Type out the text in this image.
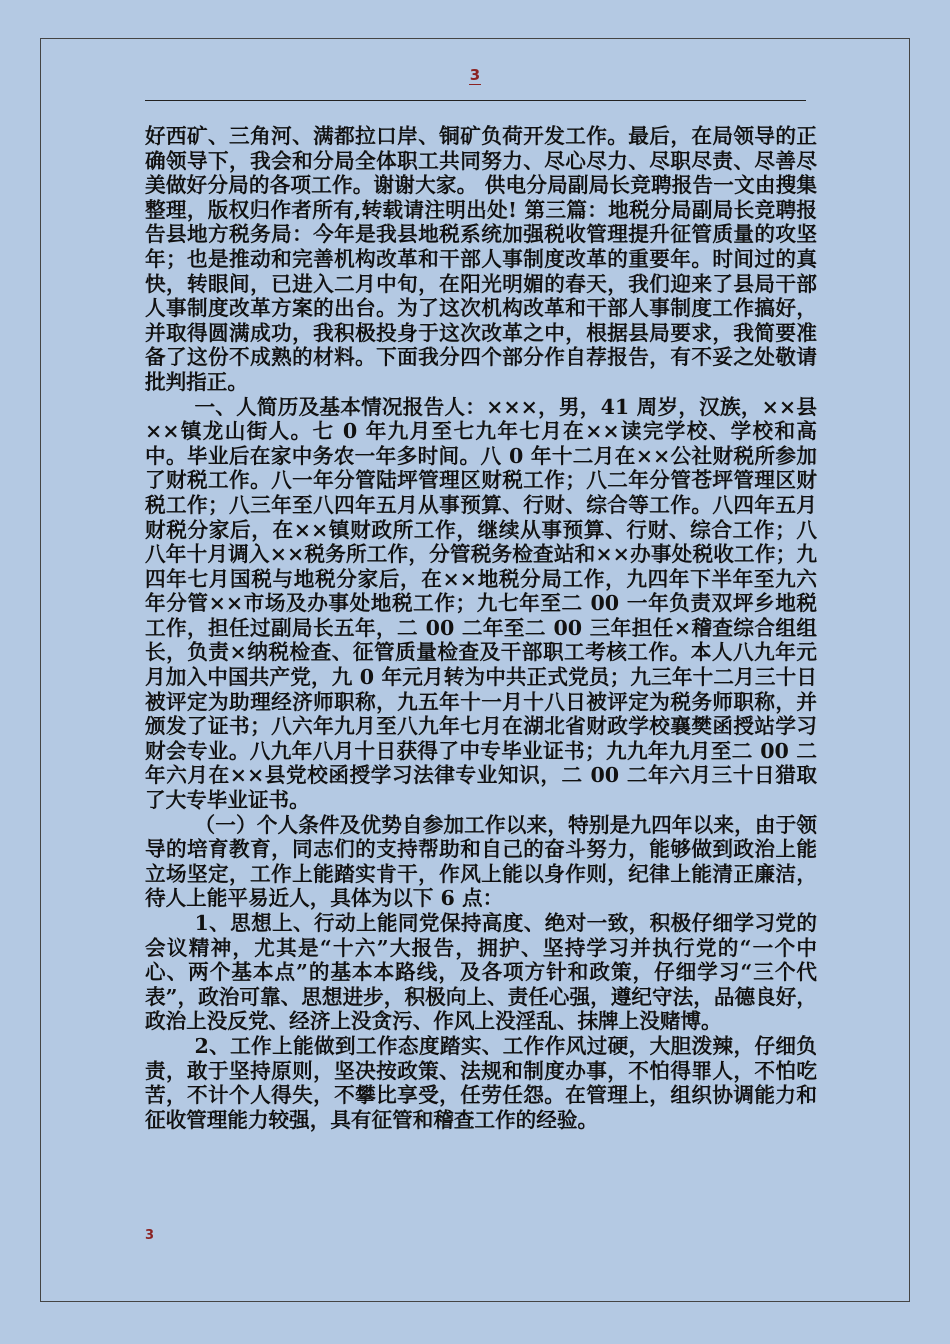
3

好西矿、三角河、满都拉口岸、铜矿负荷开发工作。最后，在局领导的正确领导下，我会和分局全体职工共同努力、尽心尽力、尽职尽责、尽善尽美做好分局的各项工作。谢谢大家。 供电分局副局长竞聘报告一文由搜集整理，版权归作者所有,转载请注明出处! 第三篇：地税分局副局长竞聘报告县地方税务局：今年是我县地税系统加强税收管理提升征管质量的攻坚年；也是推动和完善机构改革和干部人事制度改革的重要年。时间过的真快，转眼间，已进入二月中旬，在阳光明媚的春天，我们迎来了县局干部人事制度改革方案的出台。为了这次机构改革和干部人事制度工作搞好，并取得圆满成功，我积极投身于这次改革之中，根据县局要求，我简要准备了这份不成熟的材料。下面我分四个部分作自荐报告，有不妥之处敬请批判指正。

一、人简历及基本情况报告人：×××，男，41 周岁，汉族，××县××镇龙山街人。七 0 年九月至七九年七月在××读完学校、学校和高中。毕业后在家中务农一年多时间。八 0 年十二月在××公社财税所参加了财税工作。八一年分管陆坪管理区财税工作；八二年分管苍坪管理区财税工作；八三年至八四年五月从事预算、行财、综合等工作。八四年五月财税分家后，在××镇财政所工作，继续从事预算、行财、综合工作；八八年十月调入××税务所工作，分管税务检查站和××办事处税收工作；九四年七月国税与地税分家后，在××地税分局工作，九四年下半年至九六年分管××市场及办事处地税工作；九七年至二 00 一年负责双坪乡地税工作，担任过副局长五年，二 00 二年至二 00 三年担任×稽查综合组组长，负责×纳税检查、征管质量检查及干部职工考核工作。本人八九年元月加入中国共产党，九 0 年元月转为中共正式党员；九三年十二月三十日被评定为助理经济师职称，九五年十一月十八日被评定为税务师职称，并颁发了证书；八六年九月至八九年七月在湖北省财政学校襄樊函授站学习财会专业。八九年八月十日获得了中专毕业证书；九九年九月至二 00 二年六月在××县党校函授学习法律专业知识，二 00 二年六月三十日猎取了大专毕业证书。

（一）个人条件及优势自参加工作以来，特别是九四年以来，由于领导的培育教育，同志们的支持帮助和自己的奋斗努力，能够做到政治上能立场坚定，工作上能踏实肯干，作风上能以身作则，纪律上能清正廉洁，待人上能平易近人，具体为以下 6 点：

1、思想上、行动上能同党保持高度、绝对一致，积极仔细学习党的会议精神，尤其是“十六”大报告，拥护、坚持学习并执行党的“一个中心、两个基本点”的基本本路线，及各项方针和政策，仔细学习“三个代表”，政治可靠、思想进步，积极向上、责任心强，遵纪守法，品德良好，政治上没反党、经济上没贪污、作风上没淫乱、抹牌上没赌博。

2、工作上能做到工作态度踏实、工作作风过硬，大胆泼辣，仔细负责，敢于坚持原则，坚决按政策、法规和制度办事，不怕得罪人，不怕吃苦，不计个人得失，不攀比享受，任劳任怨。在管理上，组织协调能力和征收管理能力较强，具有征管和稽查工作的经验。

3
